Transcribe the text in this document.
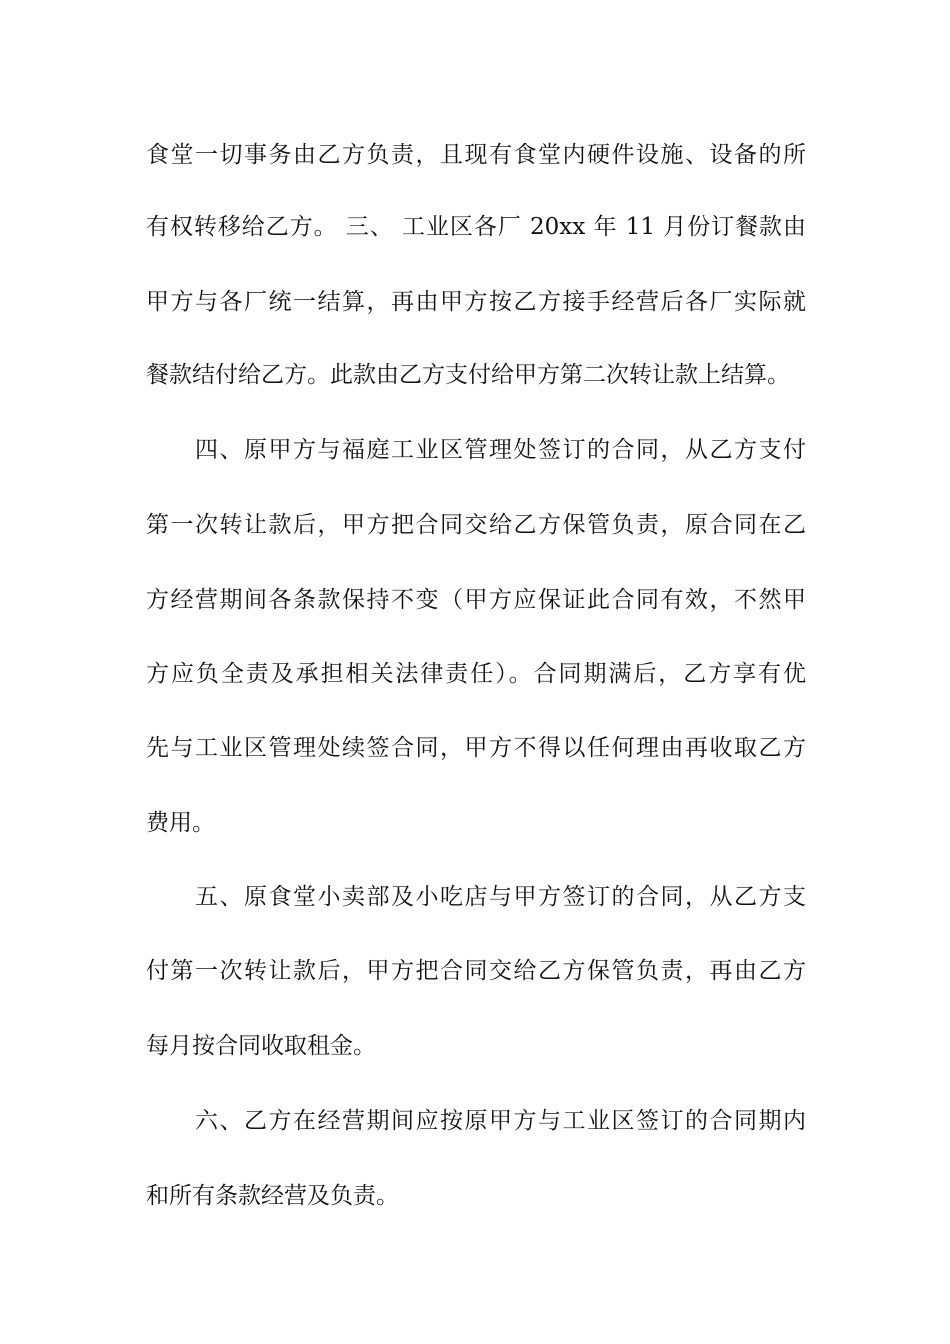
食堂一切事务由乙方负责，且现有食堂内硬件设施、设备的所
有权转移给乙方。 三、 工业区各厂 20xx 年 11 月份订餐款由
甲方与各厂统一结算，再由甲方按乙方接手经营后各厂实际就
餐款结付给乙方。此款由乙方支付给甲方第二次转让款上结算。
四、原甲方与福庭工业区管理处签订的合同，从乙方支付
第一次转让款后，甲方把合同交给乙方保管负责，原合同在乙
方经营期间各条款保持不变（甲方应保证此合同有效，不然甲
方应负全责及承担相关法律责任）。合同期满后，乙方享有优
先与工业区管理处续签合同，甲方不得以任何理由再收取乙方
费用。
五、原食堂小卖部及小吃店与甲方签订的合同，从乙方支
付第一次转让款后，甲方把合同交给乙方保管负责，再由乙方
每月按合同收取租金。
六、乙方在经营期间应按原甲方与工业区签订的合同期内
和所有条款经营及负责。
